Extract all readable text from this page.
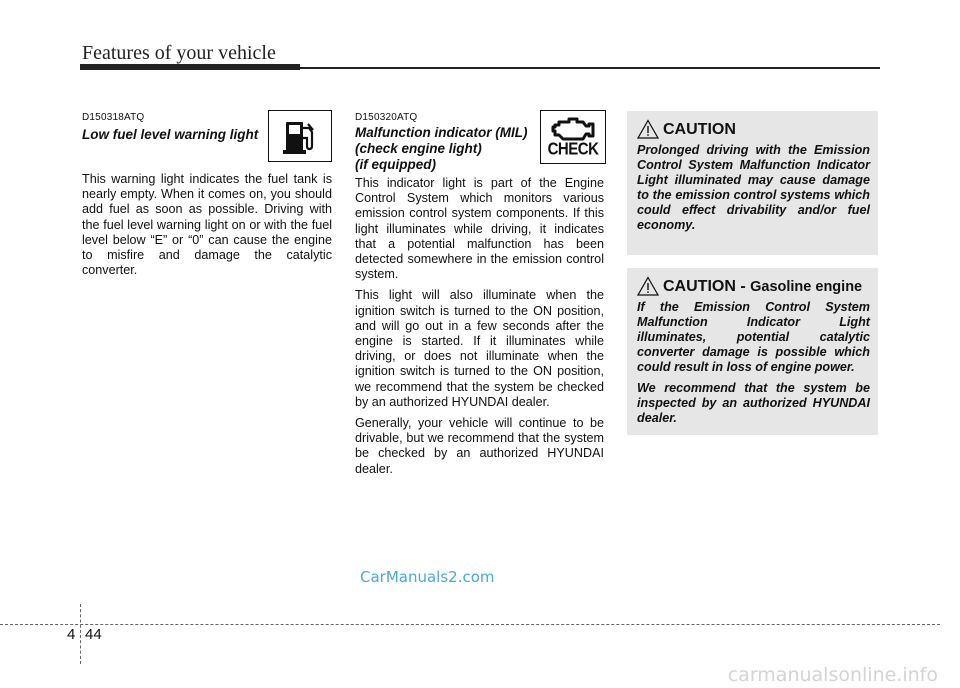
Features of your vehicle
D150318ATQ
Low fuel level warning light

This warning light indicates the fuel tank is nearly empty. When it comes on, you should add fuel as soon as possible. Driving with the fuel level warning light on or with the fuel level below “E” or “0” can cause the engine to misfire and damage the catalytic converter.

D150320ATQ
Malfunction indicator (MIL)
(check engine light)
(if equipped)
CHECK

This indicator light is part of the Engine Control System which monitors various emission control system components. If this light illuminates while driving, it indicates that a potential malfunction has been detected somewhere in the emission control system.

This light will also illuminate when the ignition switch is turned to the ON position, and will go out in a few seconds after the engine is started. If it illuminates while driving, or does not illuminate when the ignition switch is turned to the ON position, we recommend that the system be checked by an authorized HYUNDAI dealer.

Generally, your vehicle will continue to be drivable, but we recommend that the system be checked by an authorized HYUNDAI dealer.

CAUTION

Prolonged driving with the Emission Control System Malfunction Indicator Light illuminated may cause damage to the emission control systems which could effect drivability and/or fuel economy.

CAUTION - Gasoline engine

If the Emission Control System Malfunction Indicator Light illuminates, potential catalytic converter damage is possible which could result in loss of engine power.

We recommend that the system be inspected by an authorized HYUNDAI dealer.

CarManuals2.com
4 44
carmanualsonline.info
